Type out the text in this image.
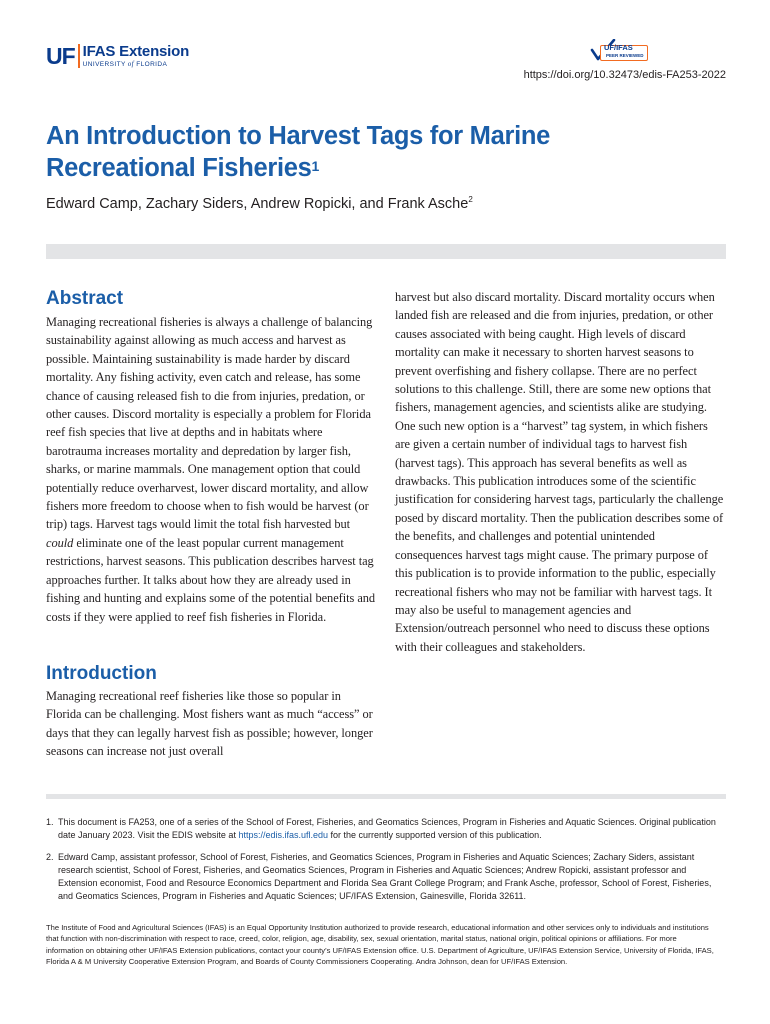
UF IFAS Extension
UNIVERSITY of FLORIDA
UF/IFAS
PEER REVIEWED
https://doi.org/10.32473/edis-FA253-2022
An Introduction to Harvest Tags for Marine
Recreational Fisheries$^1$
Edward Camp, Zachary Siders, Andrew Ropicki, and Frank Asche$^2$
Abstract

Managing recreational fisheries is always a challenge of balancing sustainability against allowing as much access and harvest as possible. Maintaining sustainability is made harder by discard mortality. Any fishing activity, even catch and release, has some chance of causing released fish to die from injuries, predation, or other causes. Discord mortality is especially a problem for Florida reef fish species that live at depths and in habitats where barotrauma increases mortality and depredation by larger fish, sharks, or marine mammals. One management option that could potentially reduce overharvest, lower discard mortality, and allow fishers more freedom to choose when to fish would be harvest (or trip) tags. Harvest tags would limit the total fish harvested but could eliminate one of the least popular current management restrictions, harvest seasons. This publication describes harvest tag approaches further. It talks about how they are already used in fishing and hunting and explains some of the potential benefits and costs if they were applied to reef fish fisheries in Florida.

Introduction

Managing recreational reef fisheries like those so popular in Florida can be challenging. Most fishers want as much “access” or days that they can legally harvest fish as possible; however, longer seasons can increase not just overall

harvest but also discard mortality. Discard mortality occurs when landed fish are released and die from injuries, predation, or other causes associated with being caught. High levels of discard mortality can make it necessary to shorten harvest seasons to prevent overfishing and fishery collapse. There are no perfect solutions to this challenge. Still, there are some new options that fishers, management agencies, and scientists alike are studying. One such new option is a “harvest” tag system, in which fishers are given a certain number of individual tags to harvest fish (harvest tags). This approach has several benefits as well as drawbacks. This publication introduces some of the scientific justification for considering harvest tags, particularly the challenge posed by discard mortality. Then the publication describes some of the benefits, and challenges and potential unintended consequences harvest tags might cause. The primary purpose of this publication is to provide information to the public, especially recreational fishers who may not be familiar with harvest tags. It may also be useful to management agencies and Extension/outreach personnel who need to discuss these options with their colleagues and stakeholders.

1. This document is FA253, one of a series of the School of Forest, Fisheries, and Geomatics Sciences, Program in Fisheries and Aquatic Sciences. Original publication date January 2023. Visit the EDIS website at https://edis.ifas.ufl.edu for the currently supported version of this publication.
2. Edward Camp, assistant professor, School of Forest, Fisheries, and Geomatics Sciences, Program in Fisheries and Aquatic Sciences; Zachary Siders, assistant research scientist, School of Forest, Fisheries, and Geomatics Sciences, Program in Fisheries and Aquatic Sciences; Andrew Ropicki, assistant professor and Extension economist, Food and Resource Economics Department and Florida Sea Grant College Program; and Frank Asche, professor, School of Forest, Fisheries, and Geomatics Sciences, Program in Fisheries and Aquatic Sciences; UF/IFAS Extension, Gainesville, Florida 32611.

The Institute of Food and Agricultural Sciences (IFAS) is an Equal Opportunity Institution authorized to provide research, educational information and other services only to individuals and institutions that function with non-discrimination with respect to race, creed, color, religion, age, disability, sex, sexual orientation, marital status, national origin, political opinions or affiliations. For more information on obtaining other UF/IFAS Extension publications, contact your county’s UF/IFAS Extension office. U.S. Department of Agriculture, UF/IFAS Extension Service, University of Florida, IFAS, Florida A & M University Cooperative Extension Program, and Boards of County Commissioners Cooperating. Andra Johnson, dean for UF/IFAS Extension.
